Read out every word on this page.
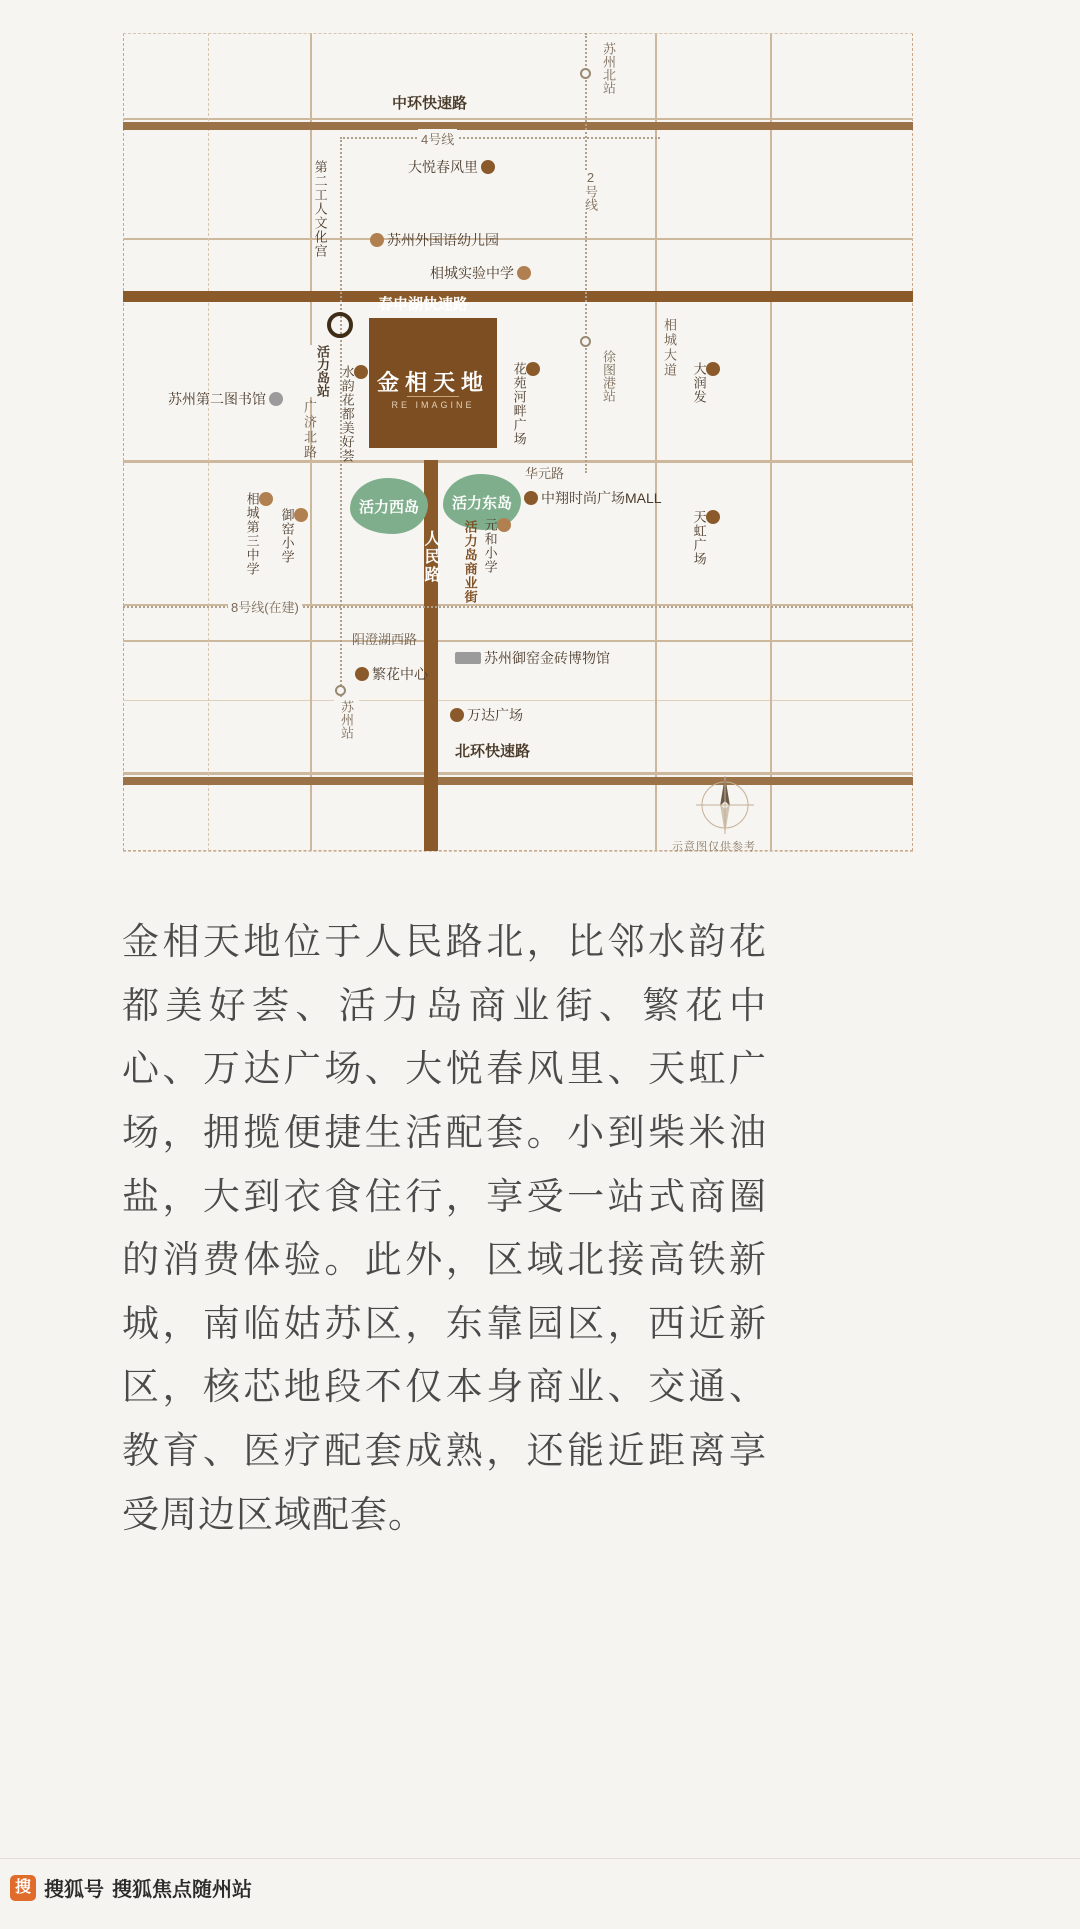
中环快速路
春申湖快速路
华元路
阳澄湖西路
北环快速路
人民路
广济北路
相城大道
4号线
2号线
8号线(在建)
苏州北站
活力岛站	徐图港站
苏州站
金相天地
RE IMAGINE
活力西岛	活力东岛
大悦春风里
苏州外国语幼儿园
相城实验中学
第二工人文化宫
苏州第二图书馆	水韵花都美好荟	花苑河畔广场	大润发
相城第三中学	御窑小学
中翔时尚广场MALL
元和小学
活力岛商业街	天虹广场
繁花中心
苏州御窑金砖博物馆
万达广场
示意图仅供参考
金相天地位于人民路北，比邻水韵花都美好荟、活力岛商业街、繁花中心、万达广场、大悦春风里、天虹广场，拥揽便捷生活配套。小到柴米油盐，大到衣食住行，享受一站式商圈的消费体验。此外，区域北接高铁新城，南临姑苏区，东靠园区，西近新区，核芯地段不仅本身商业、交通、教育、医疗配套成熟，还能近距离享受周边区域配套。
搜 搜狐号 搜狐焦点随州站
